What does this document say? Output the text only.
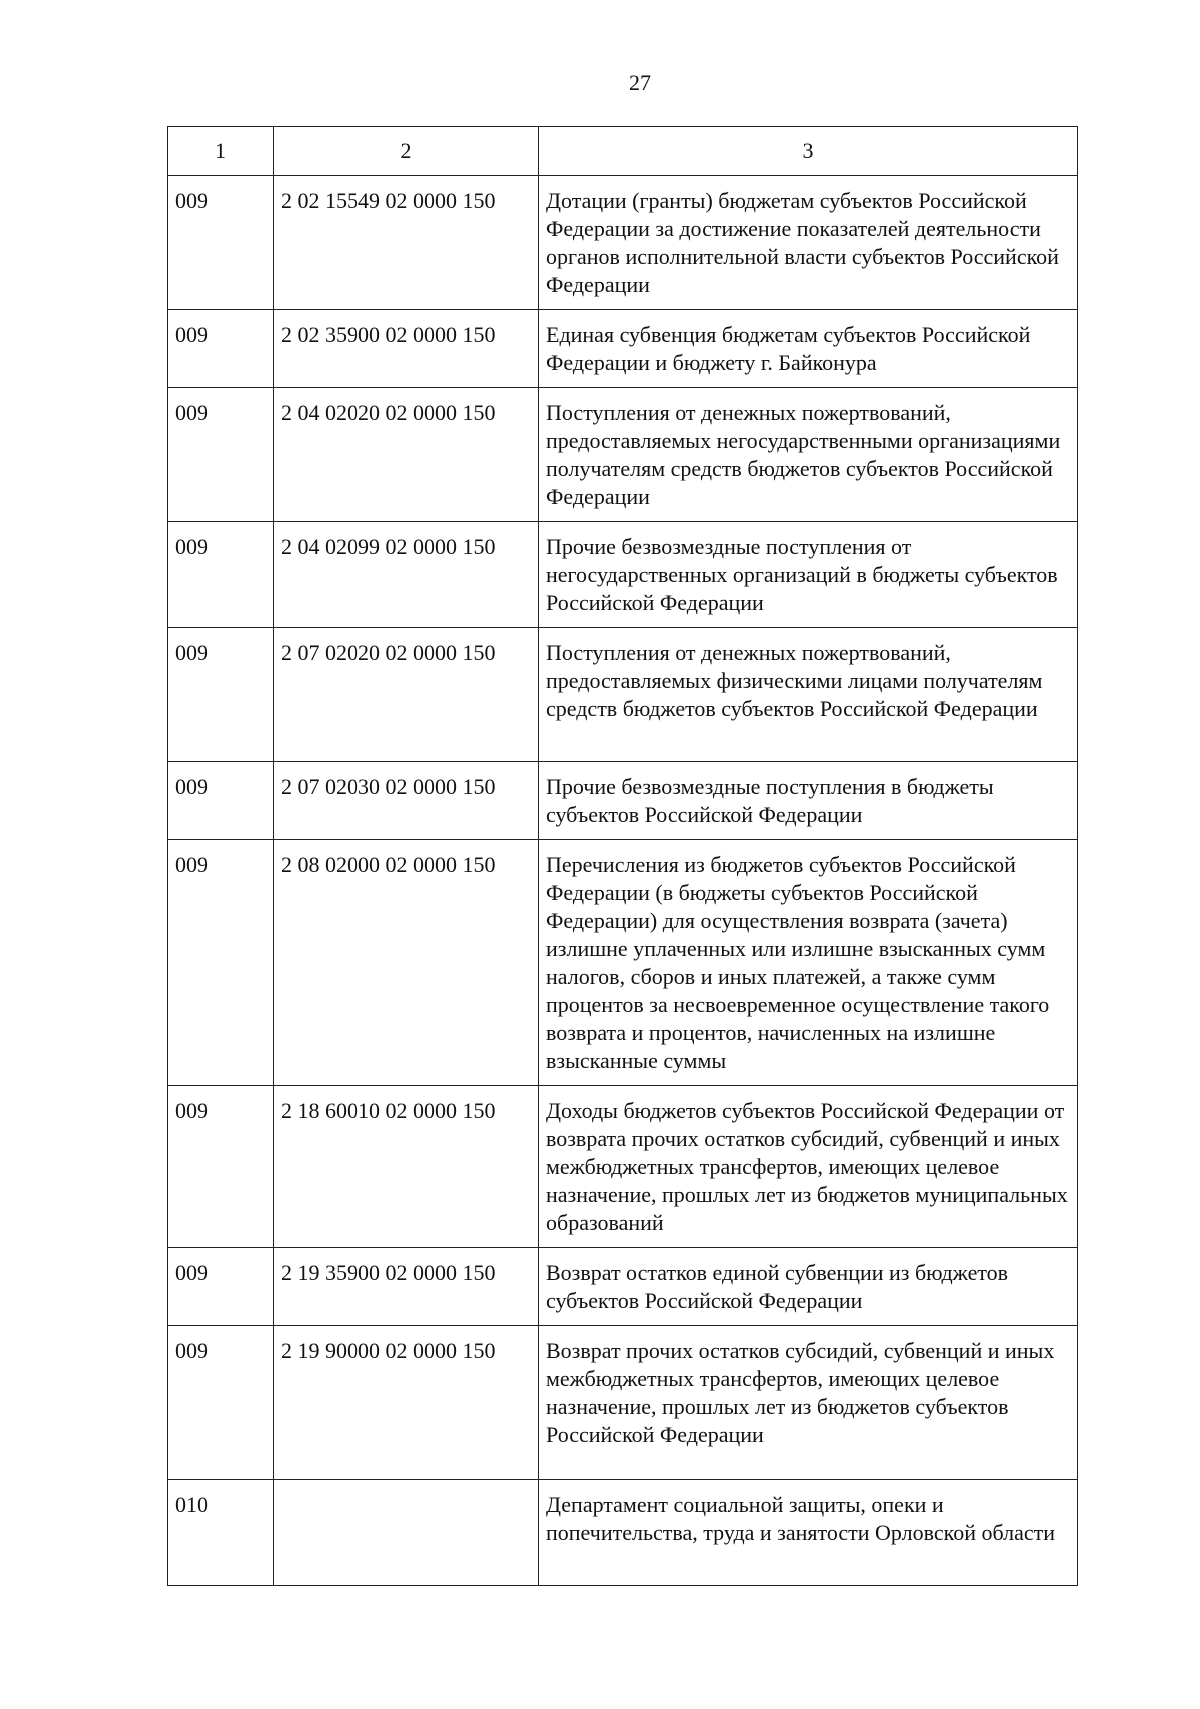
27
1	2	3
009	2 02 15549 02 0000 150	Дотации (гранты) бюджетам субъектов Российской Федерации за достижение показателей деятельности органов исполнительной власти субъектов Российской Федерации
009	2 02 35900 02 0000 150	Единая субвенция бюджетам субъектов Российской Федерации и бюджету г. Байконура
009	2 04 02020 02 0000 150	Поступления от денежных пожертвований, предоставляемых негосударственными организациями получателям средств бюджетов субъектов Российской Федерации
009	2 04 02099 02 0000 150	Прочие безвозмездные поступления от негосударственных организаций в бюджеты субъектов Российской Федерации
009	2 07 02020 02 0000 150	Поступления от денежных пожертвований, предоставляемых физическими лицами получателям средств бюджетов субъектов Российской Федерации
009	2 07 02030 02 0000 150	Прочие безвозмездные поступления в бюджеты субъектов Российской Федерации
009	2 08 02000 02 0000 150	Перечисления из бюджетов субъектов Российской Федерации (в бюджеты субъектов Российской Федерации) для осуществления возврата (зачета) излишне уплаченных или излишне взысканных сумм налогов, сборов и иных платежей, а также сумм процентов за несвоевременное осуществление такого возврата и процентов, начисленных на излишне взысканные суммы
009	2 18 60010 02 0000 150	Доходы бюджетов субъектов Российской Федерации от возврата прочих остатков субсидий, субвенций и иных межбюджетных трансфертов, имеющих целевое назначение, прошлых лет из бюджетов муниципальных образований
009	2 19 35900 02 0000 150	Возврат остатков единой субвенции из бюджетов субъектов Российской Федерации
009	2 19 90000 02 0000 150	Возврат прочих остатков субсидий, субвенций и иных межбюджетных трансфертов, имеющих целевое назначение, прошлых лет из бюджетов субъектов Российской Федерации
010		Департамент социальной защиты, опеки и попечительства, труда и занятости Орловской области
